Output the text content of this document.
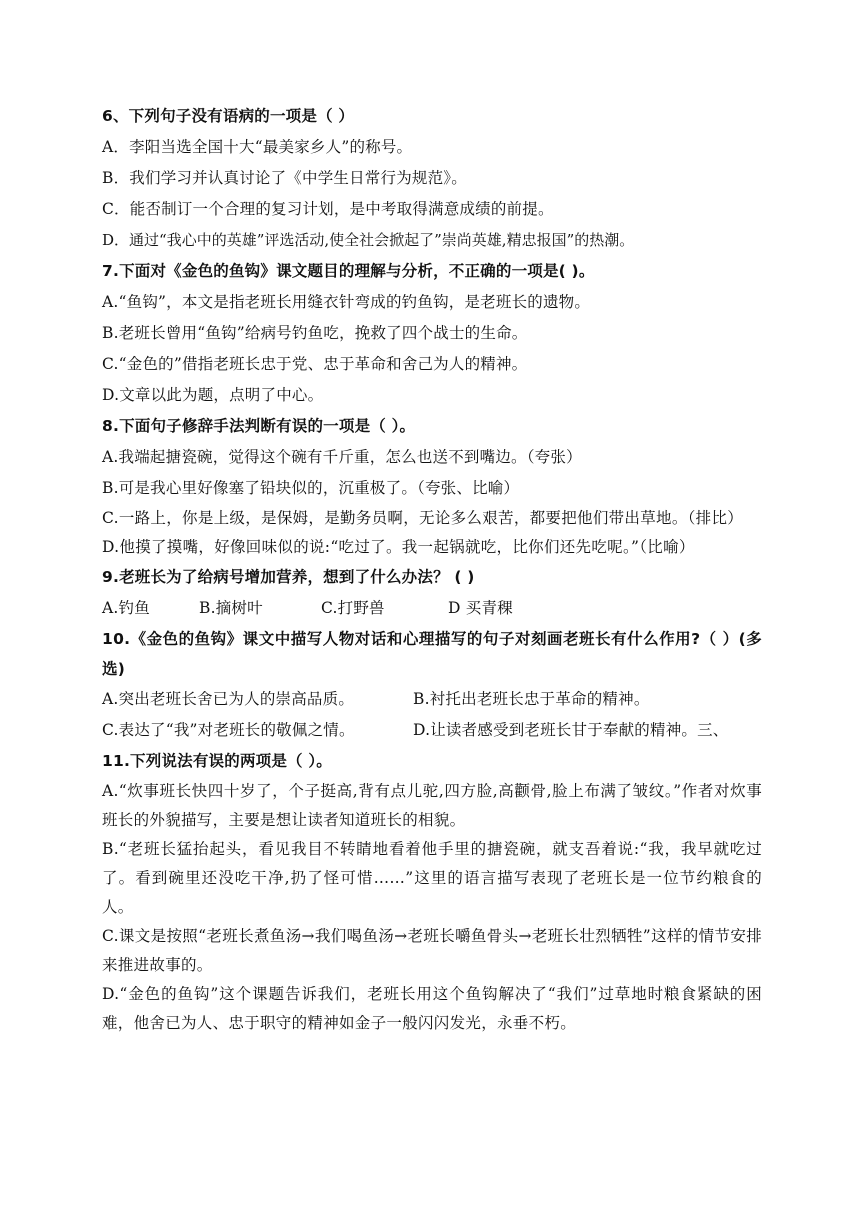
6、下列句子没有语病的一项是（ ）
A．李阳当选全国十大“最美家乡人”的称号。
B．我们学习并认真讨论了《中学生日常行为规范》。
C．能否制订一个合理的复习计划，是中考取得满意成绩的前提。
D．通过“我心中的英雄”评选活动,使全社会掀起了”崇尚英雄,精忠报国”的热潮。
7.下面对《金色的鱼钩》课文题目的理解与分析，不正确的一项是( )。
A.“鱼钩”，本文是指老班长用缝衣针弯成的钓鱼钩，是老班长的遗物。
B.老班长曾用“鱼钩”给病号钓鱼吃，挽救了四个战士的生命。
C.“金色的”借指老班长忠于党、忠于革命和舍己为人的精神。
D.文章以此为题，点明了中心。
8.下面句子修辞手法判断有误的一项是（ ）。
A.我端起搪瓷碗，觉得这个碗有千斤重，怎么也送不到嘴边。（夸张）
B.可是我心里好像塞了铅块似的，沉重极了。（夸张、比喻）
C.一路上，你是上级，是保姆，是勤务员啊，无论多么艰苦，都要把他们带出草地。（排比）
D.他摸了摸嘴，好像回味似的说:“吃过了。我一起锅就吃，比你们还先吃呢。”（比喻）
9.老班长为了给病号增加营养，想到了什么办法？ ( )
A.钓鱼	B.摘树叶	C.打野兽	D 买青稞
10.《金色的鱼钩》课文中描写人物对话和心理描写的句子对刻画老班长有什么作用?（ ）(多选)
A.突出老班长舍已为人的崇高品质。	B.衬托出老班长忠于革命的精神。
C.表达了“我”对老班长的敬佩之情。	D.让读者感受到老班长甘于奉献的精神。三、
11.下列说法有误的两项是（ ）。
A.“炊事班长快四十岁了，个子挺高,背有点儿驼,四方脸,高颧骨,脸上布满了皱纹。”作者对炊事班长的外貌描写，主要是想让读者知道班长的相貌。
B.“老班长猛抬起头，看见我目不转睛地看着他手里的搪瓷碗，就支吾着说:“我，我早就吃过了。看到碗里还没吃干净,扔了怪可惜……”这里的语言描写表现了老班长是一位节约粮食的人。
C.课文是按照“老班长煮鱼汤→我们喝鱼汤→老班长嚼鱼骨头→老班长壮烈牺牲”这样的情节安排来推进故事的。
D.“金色的鱼钩”这个课题告诉我们，老班长用这个鱼钩解决了“我们”过草地时粮食紧缺的困难，他舍已为人、忠于职守的精神如金子一般闪闪发光，永垂不朽。
